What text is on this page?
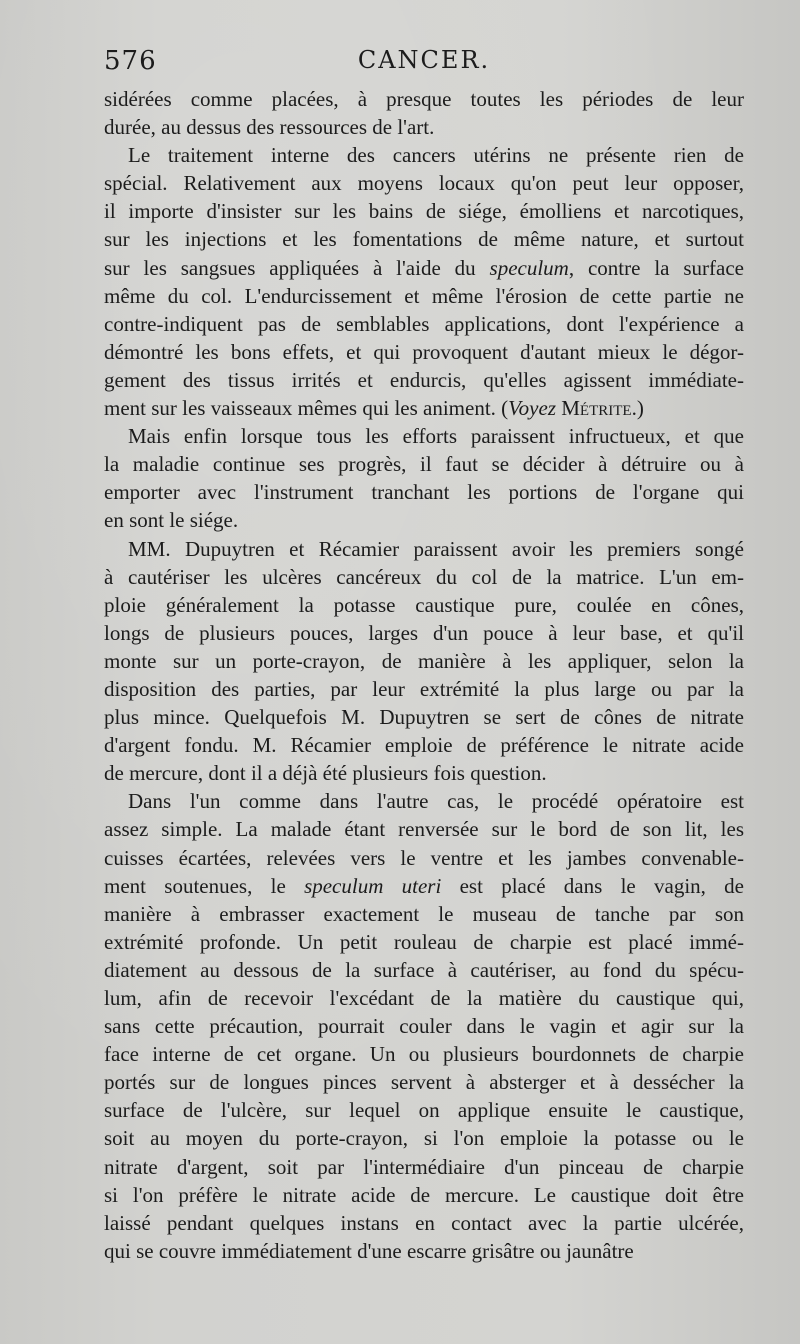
576	CANCER.
sidérées comme placées, à presque toutes les périodes de leur
durée, au dessus des ressources de l'art.
Le traitement interne des cancers utérins ne présente rien de
spécial. Relativement aux moyens locaux qu'on peut leur opposer,
il importe d'insister sur les bains de siége, émolliens et narcotiques,
sur les injections et les fomentations de même nature, et surtout
sur les sangsues appliquées à l'aide du speculum, contre la surface
même du col. L'endurcissement et même l'érosion de cette partie ne
contre-indiquent pas de semblables applications, dont l'expérience a
démontré les bons effets, et qui provoquent d'autant mieux le dégor-
gement des tissus irrités et endurcis, qu'elles agissent immédiate-
ment sur les vaisseaux mêmes qui les animent. (Voyez Métrite.)
Mais enfin lorsque tous les efforts paraissent infructueux, et que
la maladie continue ses progrès, il faut se décider à détruire ou à
emporter avec l'instrument tranchant les portions de l'organe qui
en sont le siége.
MM. Dupuytren et Récamier paraissent avoir les premiers songé
à cautériser les ulcères cancéreux du col de la matrice. L'un em-
ploie généralement la potasse caustique pure, coulée en cônes,
longs de plusieurs pouces, larges d'un pouce à leur base, et qu'il
monte sur un porte-crayon, de manière à les appliquer, selon la
disposition des parties, par leur extrémité la plus large ou par la
plus mince. Quelquefois M. Dupuytren se sert de cônes de nitrate
d'argent fondu. M. Récamier emploie de préférence le nitrate acide
de mercure, dont il a déjà été plusieurs fois question.
Dans l'un comme dans l'autre cas, le procédé opératoire est
assez simple. La malade étant renversée sur le bord de son lit, les
cuisses écartées, relevées vers le ventre et les jambes convenable-
ment soutenues, le speculum uteri est placé dans le vagin, de
manière à embrasser exactement le museau de tanche par son
extrémité profonde. Un petit rouleau de charpie est placé immé-
diatement au dessous de la surface à cautériser, au fond du spécu-
lum, afin de recevoir l'excédant de la matière du caustique qui,
sans cette précaution, pourrait couler dans le vagin et agir sur la
face interne de cet organe. Un ou plusieurs bourdonnets de charpie
portés sur de longues pinces servent à absterger et à dessécher la
surface de l'ulcère, sur lequel on applique ensuite le caustique,
soit au moyen du porte-crayon, si l'on emploie la potasse ou le
nitrate d'argent, soit par l'intermédiaire d'un pinceau de charpie
si l'on préfère le nitrate acide de mercure. Le caustique doit être
laissé pendant quelques instans en contact avec la partie ulcérée,
qui se couvre immédiatement d'une escarre grisâtre ou jaunâtre
